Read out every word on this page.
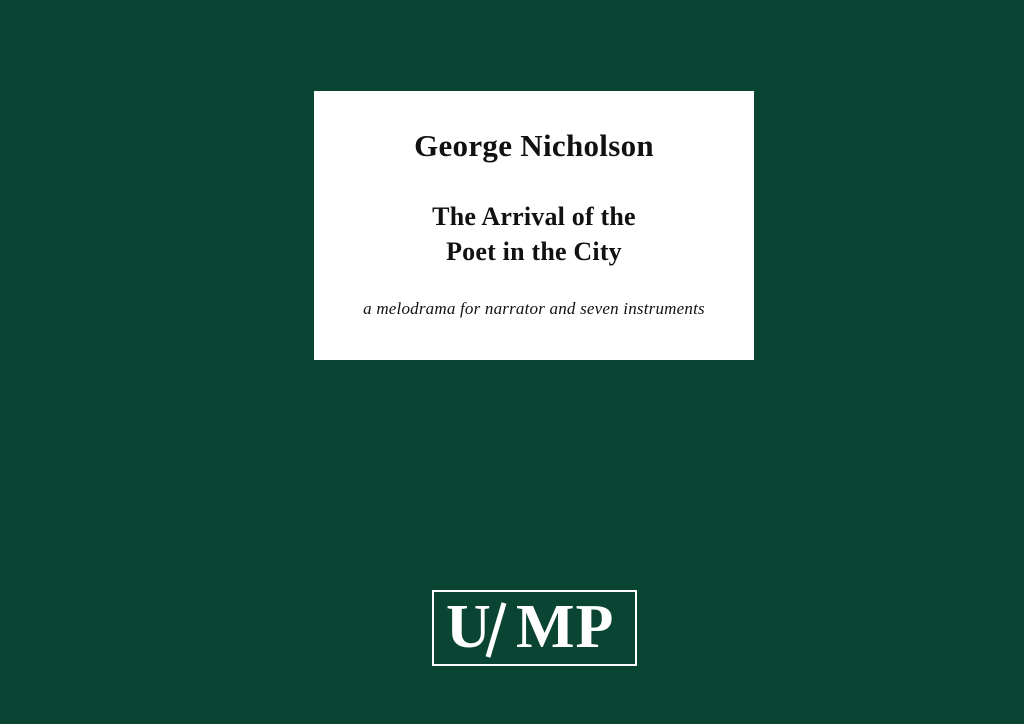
George Nicholson
The Arrival of the
Poet in the City
a melodrama for narrator and seven instruments
U MP
